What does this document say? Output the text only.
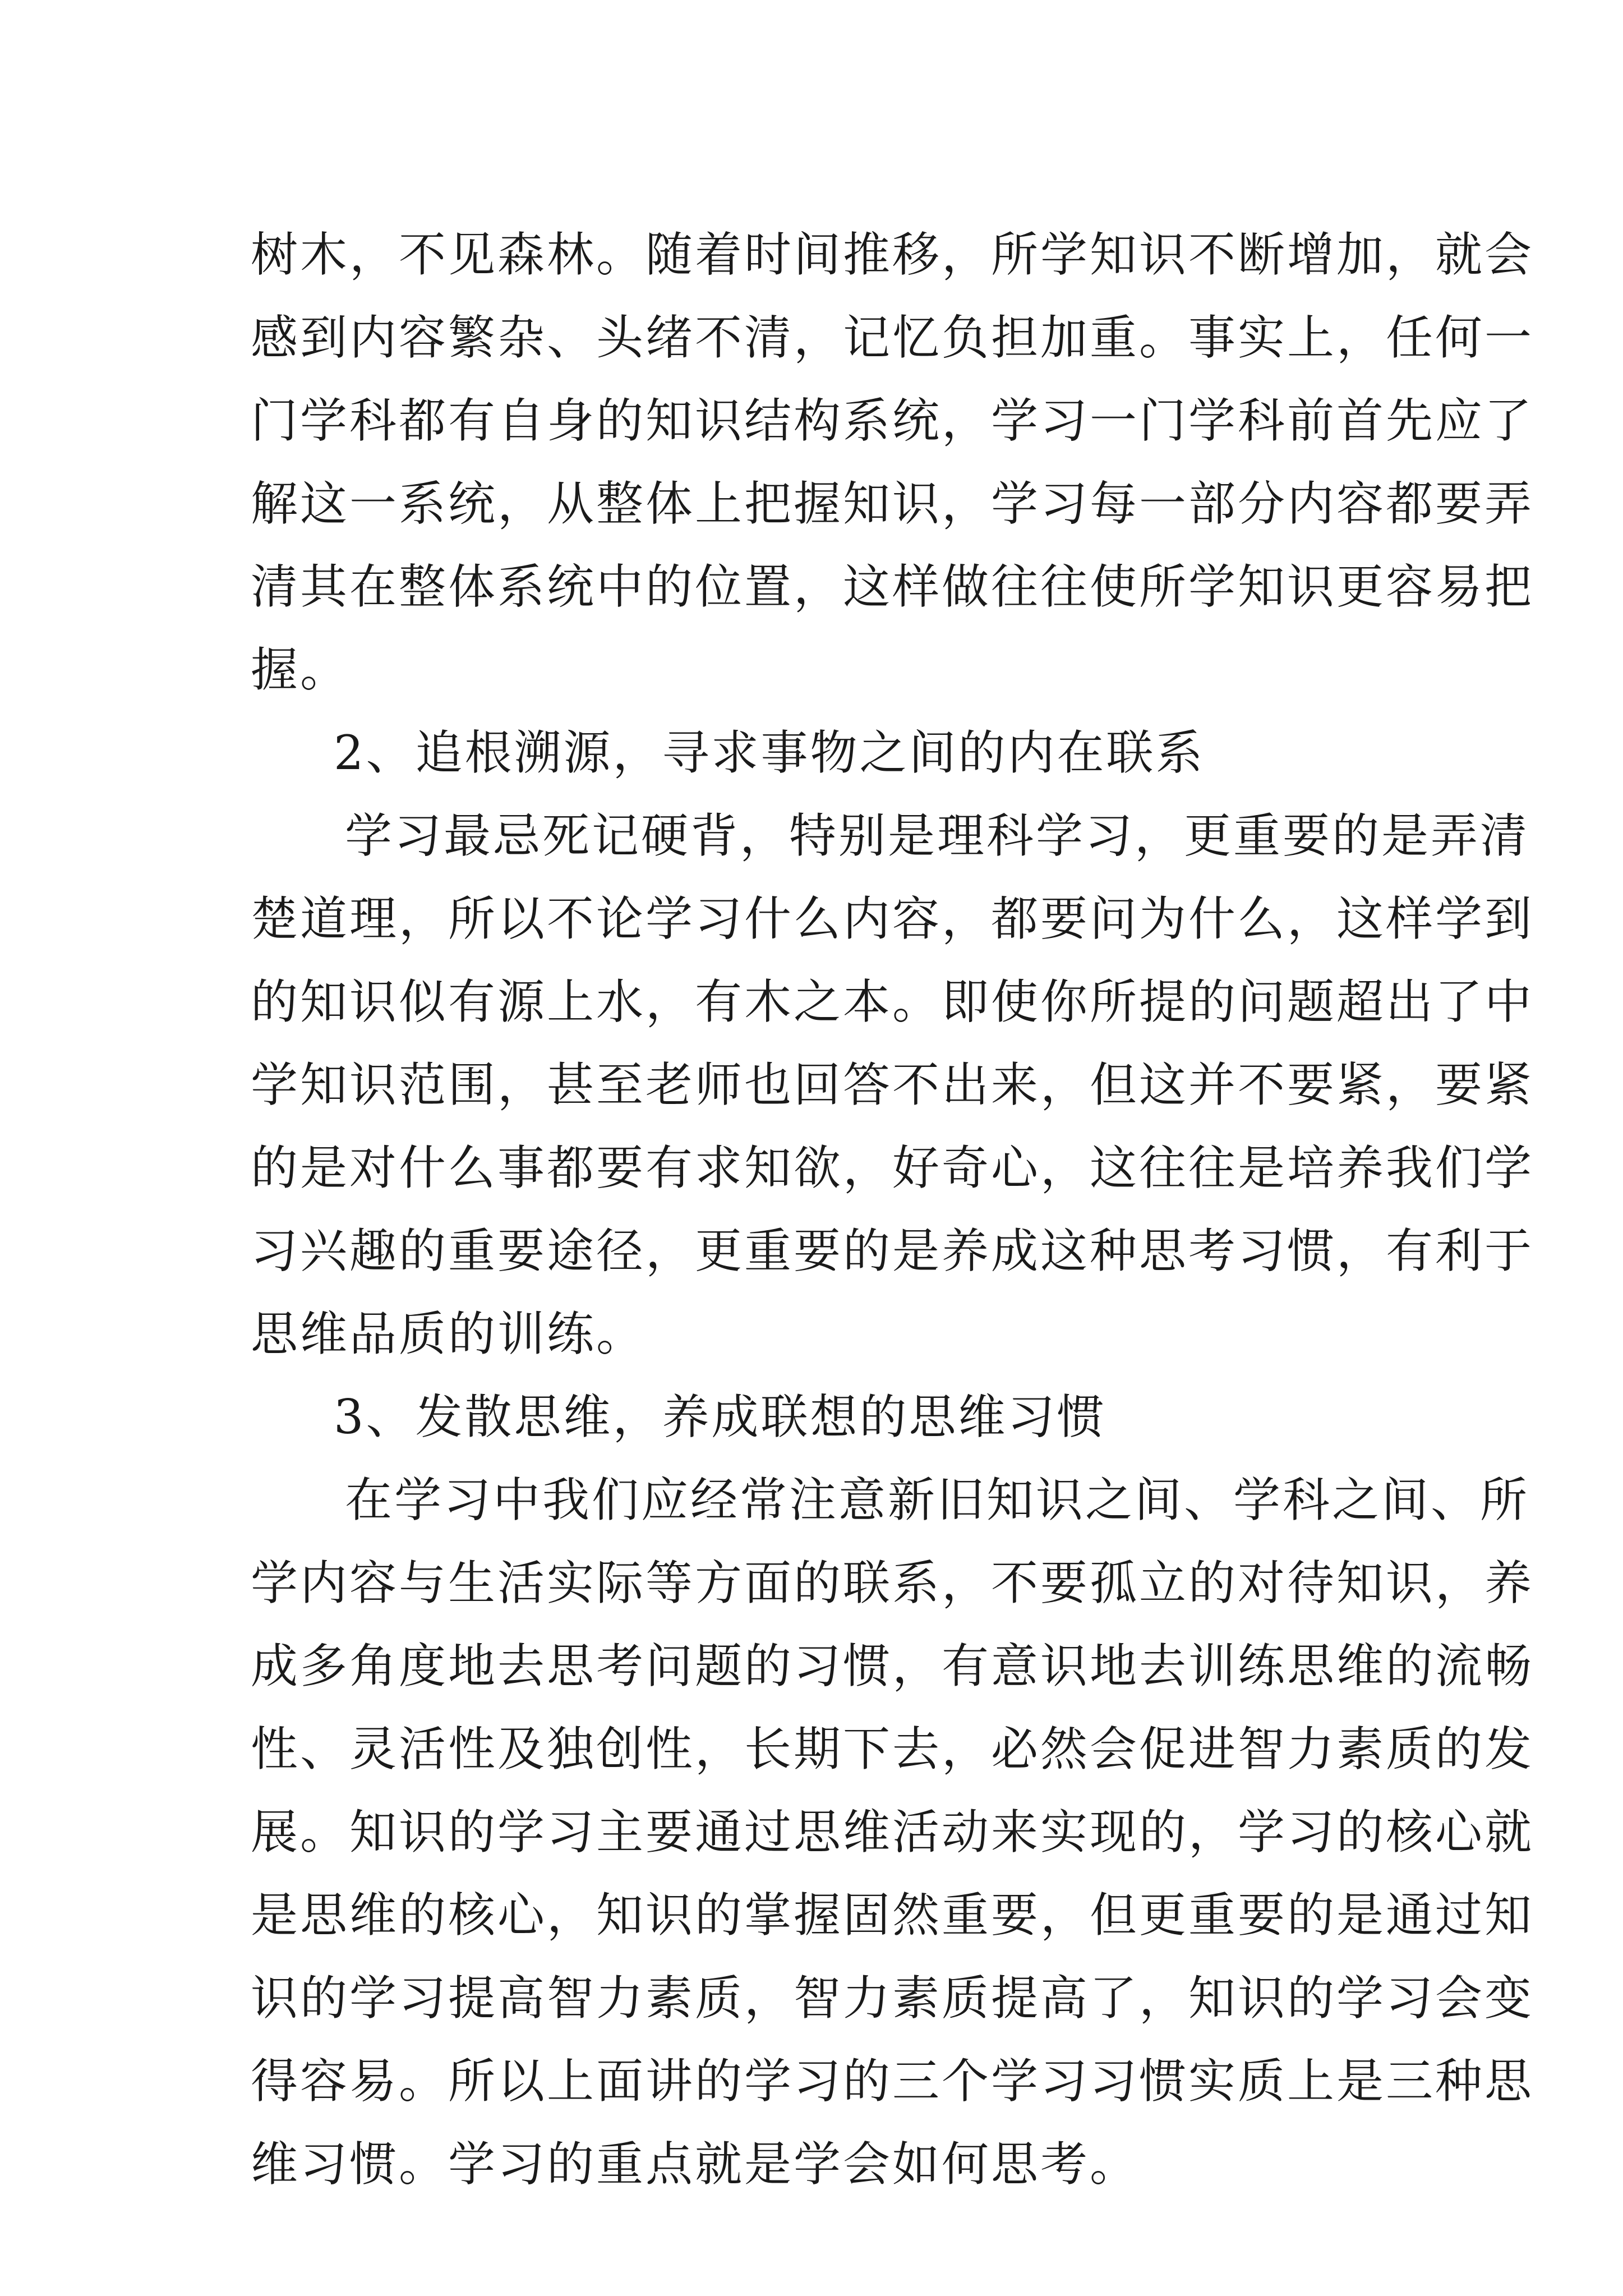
树木，不见森林。随着时间推移，所学知识不断增加，就会
感到内容繁杂、头绪不清，记忆负担加重。事实上，任何一
门学科都有自身的知识结构系统，学习一门学科前首先应了
解这一系统，从整体上把握知识，学习每一部分内容都要弄
清其在整体系统中的位置，这样做往往使所学知识更容易把
握。
2、追根溯源，寻求事物之间的内在联系
学习最忌死记硬背，特别是理科学习，更重要的是弄清
楚道理，所以不论学习什么内容，都要问为什么，这样学到
的知识似有源上水，有木之本。即使你所提的问题超出了中
学知识范围，甚至老师也回答不出来，但这并不要紧，要紧
的是对什么事都要有求知欲，好奇心，这往往是培养我们学
习兴趣的重要途径，更重要的是养成这种思考习惯，有利于
思维品质的训练。
3、发散思维，养成联想的思维习惯
在学习中我们应经常注意新旧知识之间、学科之间、所
学内容与生活实际等方面的联系，不要孤立的对待知识，养
成多角度地去思考问题的习惯，有意识地去训练思维的流畅
性、灵活性及独创性，长期下去，必然会促进智力素质的发
展。知识的学习主要通过思维活动来实现的，学习的核心就
是思维的核心，知识的掌握固然重要，但更重要的是通过知
识的学习提高智力素质，智力素质提高了，知识的学习会变
得容易。所以上面讲的学习的三个学习习惯实质上是三种思
维习惯。学习的重点就是学会如何思考。
